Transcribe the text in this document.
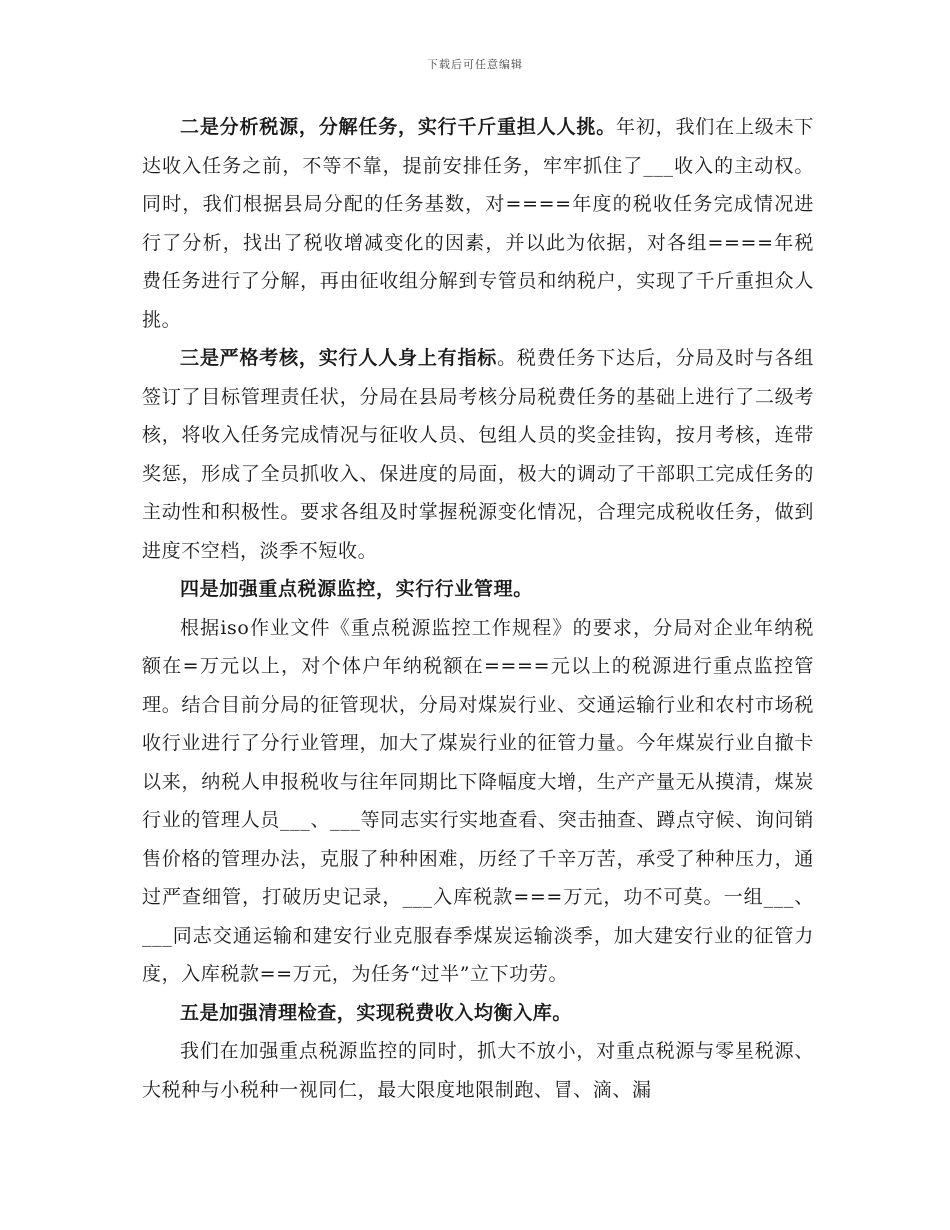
下载后可任意编辑

二是分析税源，分解任务，实行千斤重担人人挑。年初，我们在上级未下达收入任务之前，不等不靠，提前安排任务，牢牢抓住了___收入的主动权。同时，我们根据县局分配的任务基数，对====年度的税收任务完成情况进行了分析，找出了税收增减变化的因素，并以此为依据，对各组====年税费任务进行了分解，再由征收组分解到专管员和纳税户，实现了千斤重担众人挑。

三是严格考核，实行人人身上有指标。税费任务下达后，分局及时与各组签订了目标管理责任状，分局在县局考核分局税费任务的基础上进行了二级考核，将收入任务完成情况与征收人员、包组人员的奖金挂钩，按月考核，连带奖惩，形成了全员抓收入、保进度的局面，极大的调动了干部职工完成任务的主动性和积极性。要求各组及时掌握税源变化情况，合理完成税收任务，做到进度不空档，淡季不短收。

四是加强重点税源监控，实行行业管理。

根据iso作业文件《重点税源监控工作规程》的要求，分局对企业年纳税额在=万元以上，对个体户年纳税额在====元以上的税源进行重点监控管理。结合目前分局的征管现状，分局对煤炭行业、交通运输行业和农村市场税收行业进行了分行业管理，加大了煤炭行业的征管力量。今年煤炭行业自撤卡以来，纳税人申报税收与往年同期比下降幅度大增，生产产量无从摸清，煤炭行业的管理人员___、___等同志实行实地查看、突击抽查、蹲点守候、询问销售价格的管理办法，克服了种种困难，历经了千辛万苦，承受了种种压力，通过严查细管，打破历史记录，___入库税款===万元，功不可莫。一组___、___同志交通运输和建安行业克服春季煤炭运输淡季，加大建安行业的征管力度，入库税款==万元，为任务“过半”立下功劳。

五是加强清理检查，实现税费收入均衡入库。

我们在加强重点税源监控的同时，抓大不放小，对重点税源与零星税源、大税种与小税种一视同仁，最大限度地限制跑、冒、滴、漏
